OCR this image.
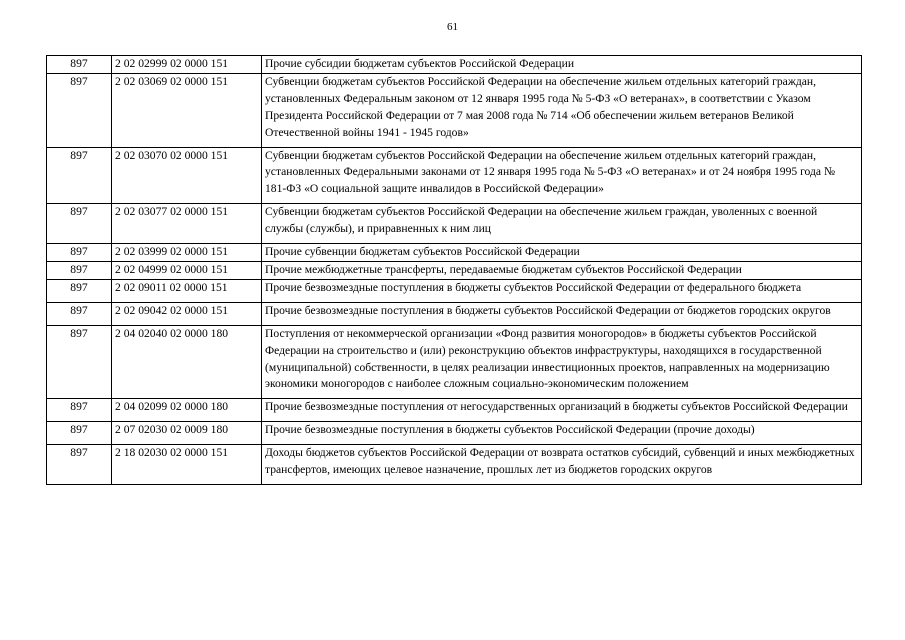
61
897	2 02 02999 02 0000 151	Прочие субсидии бюджетам субъектов Российской Федерации
897	2 02 03069 02 0000 151	Субвенции бюджетам субъектов Российской Федерации на обеспечение жильем отдельных категорий граждан, установленных Федеральным законом от 12 января 1995 года № 5-ФЗ «О ветеранах», в соответствии с Указом Президента Российской Федерации от 7 мая 2008 года № 714 «Об обеспечении жильем ветеранов Великой Отечественной войны 1941 - 1945 годов»
897	2 02 03070 02 0000 151	Субвенции бюджетам субъектов Российской Федерации на обеспечение жильем отдельных категорий граждан, установленных Федеральными законами от 12 января 1995 года № 5-ФЗ «О ветеранах» и от 24 ноября 1995 года № 181-ФЗ «О социальной защите инвалидов в Российской Федерации»
897	2 02 03077 02 0000 151	Субвенции бюджетам субъектов Российской Федерации на обеспечение жильем граждан, уволенных с военной службы (службы), и приравненных к ним лиц
897	2 02 03999 02 0000 151	Прочие субвенции бюджетам субъектов Российской Федерации
897	2 02 04999 02 0000 151	Прочие межбюджетные трансферты, передаваемые бюджетам субъектов Российской Федерации
897	2 02 09011 02 0000 151	Прочие безвозмездные поступления в бюджеты субъектов Российской Федерации от федерального бюджета
897	2 02 09042 02 0000 151	Прочие безвозмездные поступления в бюджеты субъектов Российской Федерации от бюджетов городских округов
897	2 04 02040 02 0000 180	Поступления от некоммерческой организации «Фонд развития моногородов» в бюджеты субъектов Российской Федерации на строительство и (или) реконструкцию объектов инфраструктуры, находящихся в государственной (муниципальной) собственности, в целях реализации инвестиционных проектов, направленных на модернизацию экономики моногородов с наиболее сложным социально-экономическим положением
897	2 04 02099 02 0000 180	Прочие безвозмездные поступления от негосударственных организаций в бюджеты субъектов Российской Федерации
897	2 07 02030 02 0009 180	Прочие безвозмездные поступления в бюджеты субъектов Российской Федерации (прочие доходы)
897	2 18 02030 02 0000 151	Доходы бюджетов субъектов Российской Федерации от возврата остатков субсидий, субвенций и иных межбюджетных трансфертов, имеющих целевое назначение, прошлых лет из бюджетов городских округов
